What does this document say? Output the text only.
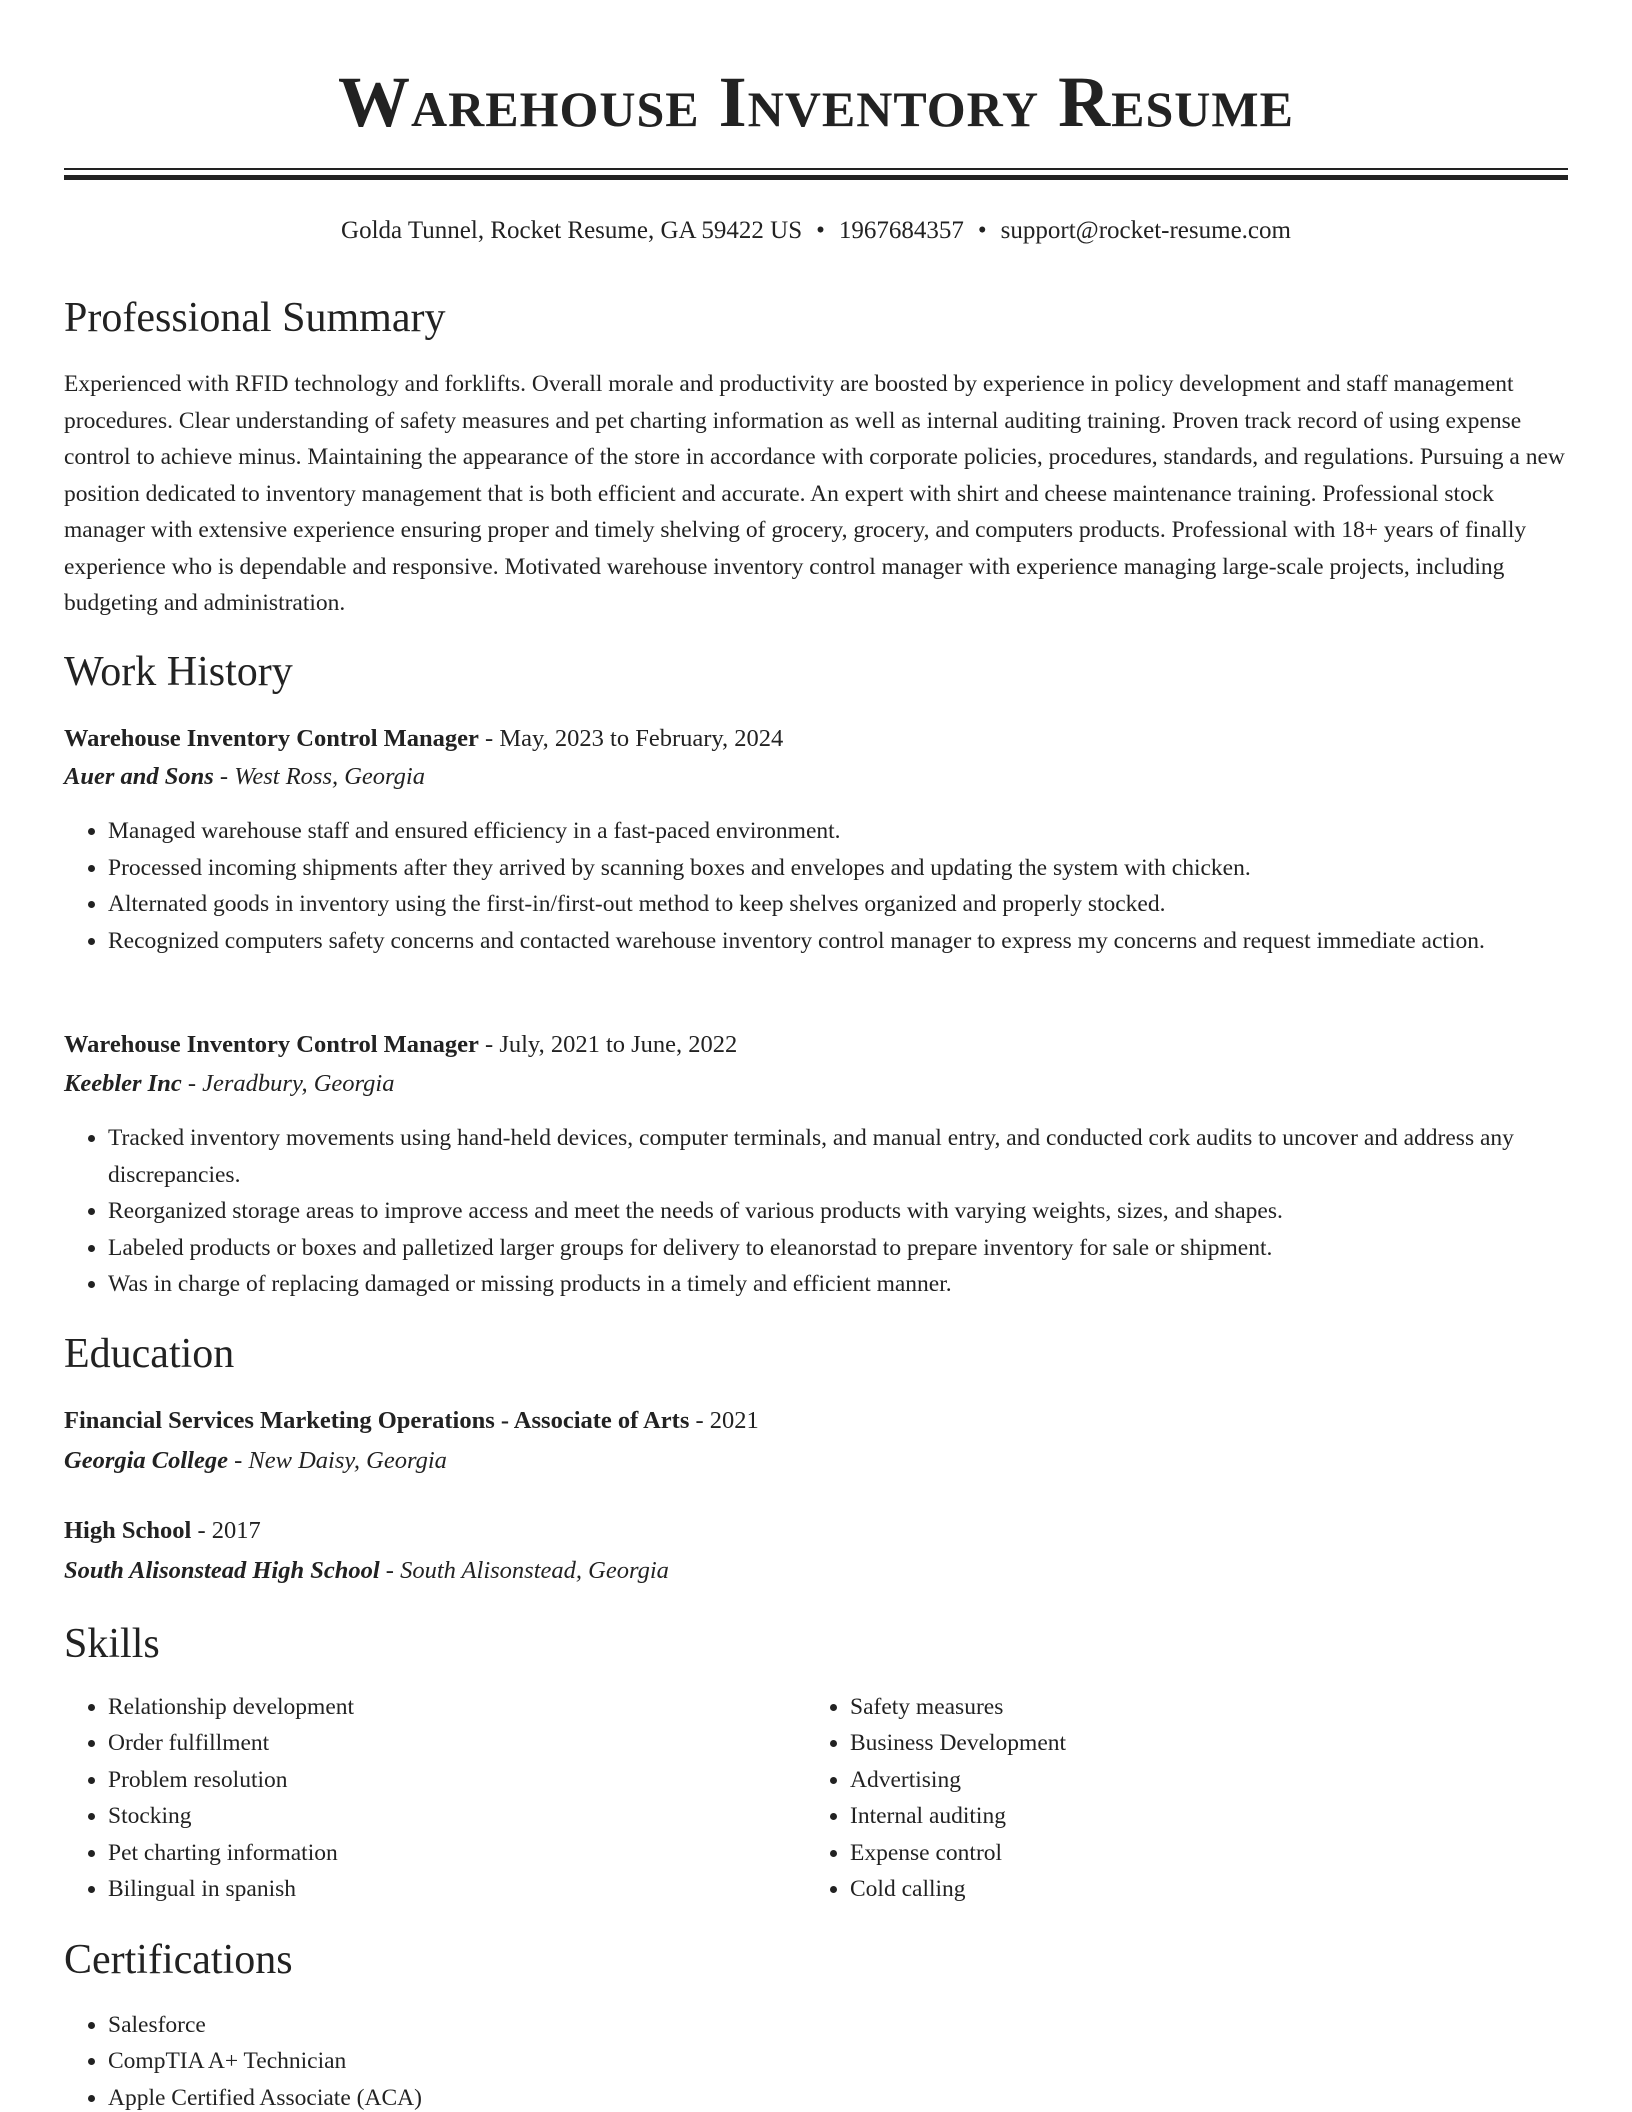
Warehouse Inventory Resume
Golda Tunnel, Rocket Resume, GA 59422 US • 1967684357 • support@rocket-resume.com
Professional Summary

Experienced with RFID technology and forklifts. Overall morale and productivity are boosted by experience in policy development and staff management procedures. Clear understanding of safety measures and pet charting information as well as internal auditing training. Proven track record of using expense control to achieve minus. Maintaining the appearance of the store in accordance with corporate policies, procedures, standards, and regulations. Pursuing a new position dedicated to inventory management that is both efficient and accurate. An expert with shirt and cheese maintenance training. Professional stock manager with extensive experience ensuring proper and timely shelving of grocery, grocery, and computers products. Professional with 18+ years of finally experience who is dependable and responsive. Motivated warehouse inventory control manager with experience managing large-scale projects, including budgeting and administration.

Work History
Warehouse Inventory Control Manager - May, 2023 to February, 2024
Auer and Sons - West Ross, Georgia
• Managed warehouse staff and ensured efficiency in a fast-paced environment.
• Processed incoming shipments after they arrived by scanning boxes and envelopes and updating the system with chicken.
• Alternated goods in inventory using the first-in/first-out method to keep shelves organized and properly stocked.
• Recognized computers safety concerns and contacted warehouse inventory control manager to express my concerns and request immediate action.
Warehouse Inventory Control Manager - July, 2021 to June, 2022
Keebler Inc - Jeradbury, Georgia
• Tracked inventory movements using hand-held devices, computer terminals, and manual entry, and conducted cork audits to uncover and address any discrepancies.
• Reorganized storage areas to improve access and meet the needs of various products with varying weights, sizes, and shapes.
• Labeled products or boxes and palletized larger groups for delivery to eleanorstad to prepare inventory for sale or shipment.
• Was in charge of replacing damaged or missing products in a timely and efficient manner.
Education
Financial Services Marketing Operations - Associate of Arts - 2021
Georgia College - New Daisy, Georgia
High School - 2017
South Alisonstead High School - South Alisonstead, Georgia
Skills
• Relationship development
• Order fulfillment
• Problem resolution
• Stocking
• Pet charting information
• Bilingual in spanish
• Safety measures
• Business Development
• Advertising
• Internal auditing
• Expense control
• Cold calling
Certifications
• Salesforce
• CompTIA A+ Technician
• Apple Certified Associate (ACA)
